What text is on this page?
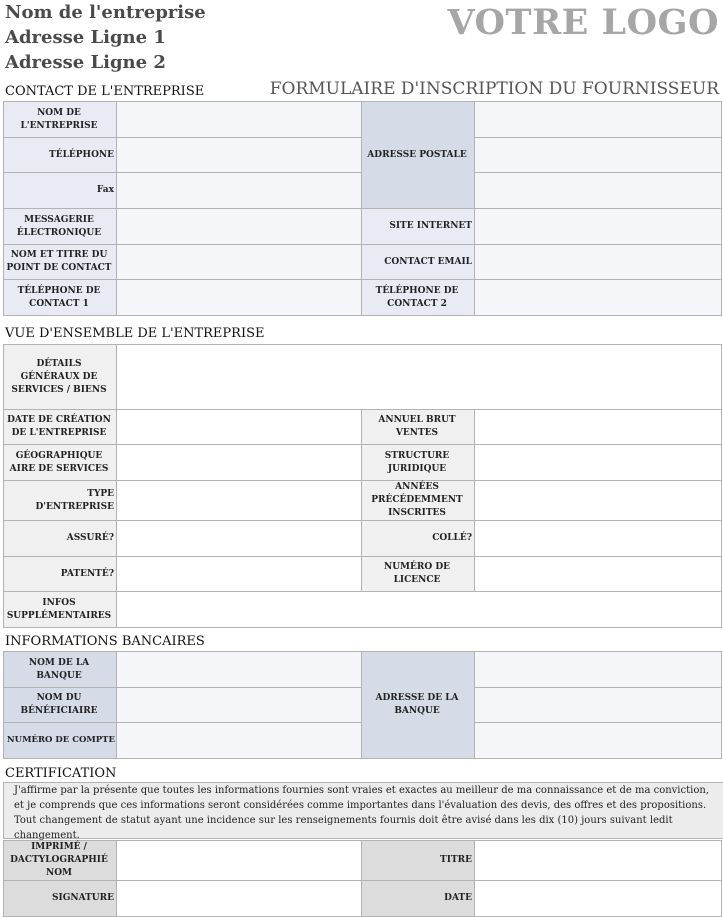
Nom de l'entreprise
Adresse Ligne 1
Adresse Ligne 2
VOTRE LOGO
FORMULAIRE D'INSCRIPTION DU FOURNISSEUR
CONTACT DE L'ENTREPRISE
NOM DE L'ENTREPRISE		ADRESSE POSTALE	
TÉLÉPHONE			
Fax			
MESSAGERIE ÉLECTRONIQUE		SITE INTERNET	
NOM ET TITRE DU POINT DE CONTACT		CONTACT EMAIL	
TÉLÉPHONE DE CONTACT 1		TÉLÉPHONE DE CONTACT 2	
VUE D'ENSEMBLE DE L'ENTREPRISE
DÉTAILS GÉNÉRAUX DE SERVICES / BIENS			
DATE DE CRÉATION DE L'ENTREPRISE		ANNUEL BRUT VENTES	
GÉOGRAPHIQUE AIRE DE SERVICES		STRUCTURE JURIDIQUE	
TYPE D'ENTREPRISE		ANNÉES PRÉCÉDEMMENT INSCRITES	
ASSURÉ?		COLLÉ?	
PATENTÉ?		NUMÉRO DE LICENCE	
INFOS SUPPLÉMENTAIRES			
INFORMATIONS BANCAIRES
NOM DE LA BANQUE		ADRESSE DE LA BANQUE	
NOM DU BÉNÉFICIAIRE			
NUMÉRO DE COMPTE			
CERTIFICATION
J'affirme par la présente que toutes les informations fournies sont vraies et exactes au meilleur de ma connaissance et de ma conviction, et je comprends que ces informations seront considérées comme importantes dans l'évaluation des devis, des offres et des propositions. Tout changement de statut ayant une incidence sur les renseignements fournis doit être avisé dans les dix (10) jours suivant ledit changement.
IMPRIMÉ / DACTYLOGRAPHIÉ NOM		TITRE	
SIGNATURE		DATE	
